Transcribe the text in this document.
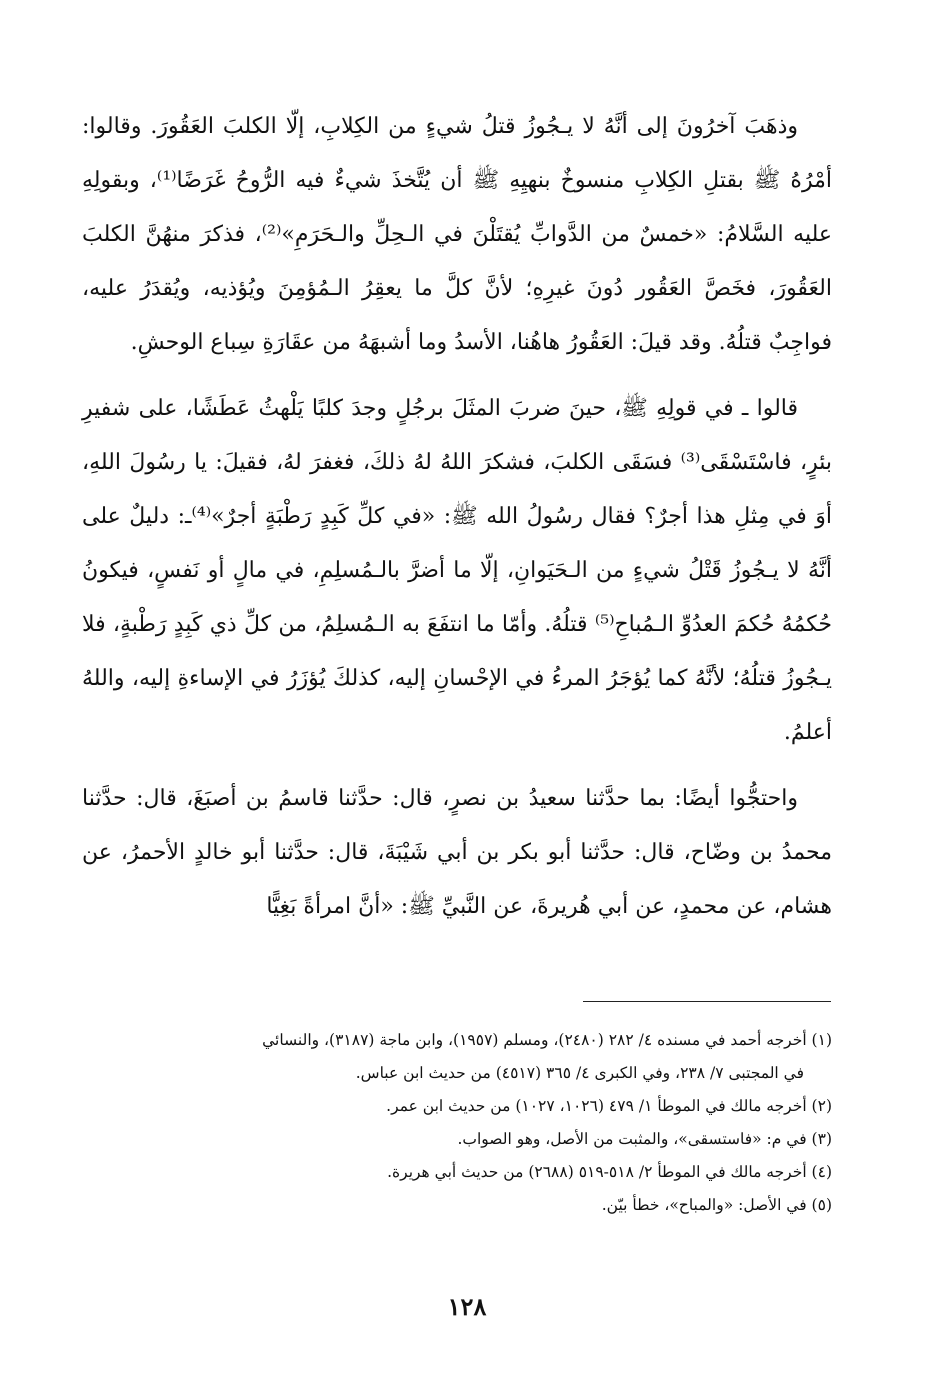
وذهَبَ آخرُونَ إلى أنَّهُ لا يـجُوزُ قتلُ شيءٍ من الكِلابِ، إلّا الكلبَ العَقُورَ. وقالوا: أمْرُهُ ﷺ بقتلِ الكِلابِ منسوخٌ بنهيِهِ ﷺ أن يُتَّخذَ شيءٌ فيه الرُّوحُ غَرَضًا⁽¹⁾، وبقولِهِ عليه السَّلامُ: «خمسٌ من الدَّوابِّ يُقتَلْنَ في الـحِلِّ والـحَرَمِ»⁽²⁾، فذكرَ منهُنَّ الكلبَ العَقُورَ، فخَصَّ العَقُور دُونَ غيرِهِ؛ لأنَّ كلَّ ما يعقِرُ الـمُؤمِنَ ويُؤذيه، ويُقدَرُ عليه، فواجِبٌ قتلُهُ. وقد قيلَ: العَقُورُ هاهُنا، الأسدُ وما أشبهَهُ من عقَارَةِ سِباع الوحشِ.

قالوا ـ في قولِهِ ﷺ، حينَ ضربَ المثَلَ برجُلٍ وجدَ كلبًا يَلْهثُ عَطَشًا، على شفيرِ بئرٍ، فاسْتَسْقَى⁽³⁾ فسَقَى الكلبَ، فشكرَ اللهُ لهُ ذلكَ، فغفرَ لهُ، فقيلَ: يا رسُولَ اللهِ، أوَ في مِثلِ هذا أجرٌ؟ فقال رسُولُ الله ﷺ: «في كلِّ كَبِدٍ رَطْبَةٍ أجرٌ»⁽⁴⁾ـ: دليلٌ على أنَّهُ لا يـجُوزُ قَتْلُ شيءٍ من الـحَيَوانِ، إلّا ما أضرَّ بالـمُسلِمِ، في مالٍ أو نَفسٍ، فيكونُ حُكمُهُ حُكمَ العدُوِّ الـمُباحِ⁽⁵⁾ قتلُهُ. وأمّا ما انتفَعَ به الـمُسلِمُ، من كلِّ ذي كَبِدٍ رَطْبةٍ، فلا يـجُوزُ قتلُهُ؛ لأنَّهُ كما يُؤجَرُ المرءُ في الإحْسانِ إليه، كذلكَ يُؤزَرُ في الإساءةِ إليه، واللهُ أعلمُ.

واحتجُّوا أيضًا: بما حدَّثنا سعيدُ بن نصرٍ، قال: حدَّثنا قاسمُ بن أصبَغَ، قال: حدَّثنا محمدُ بن وضّاح، قال: حدَّثنا أبو بكر بن أبي شَيْبَةَ، قال: حدَّثنا أبو خالدٍ الأحمرُ، عن هشام، عن محمدٍ، عن أبي هُريرةَ، عن النَّبيِّ ﷺ: «أنَّ امرأةً بَغِيًّا

(١) أخرجه أحمد في مسنده ٤/ ٢٨٢ (٢٤٨٠)، ومسلم (١٩٥٧)، وابن ماجة (٣١٨٧)، والنسائي

في المجتبى ٧/ ٢٣٨، وفي الكبرى ٤/ ٣٦٥ (٤٥١٧) من حديث ابن عباس.

(٢) أخرجه مالك في الموطأ ١/ ٤٧٩ (١٠٢٦، ١٠٢٧) من حديث ابن عمر.

(٣) في م: «فاستسقى»، والمثبت من الأصل، وهو الصواب.

(٤) أخرجه مالك في الموطأ ٢/ ٥١٨-٥١٩ (٢٦٨٨) من حديث أبي هريرة.

(٥) في الأصل: «والمباح»، خطأ بيّن.

١٢٨
